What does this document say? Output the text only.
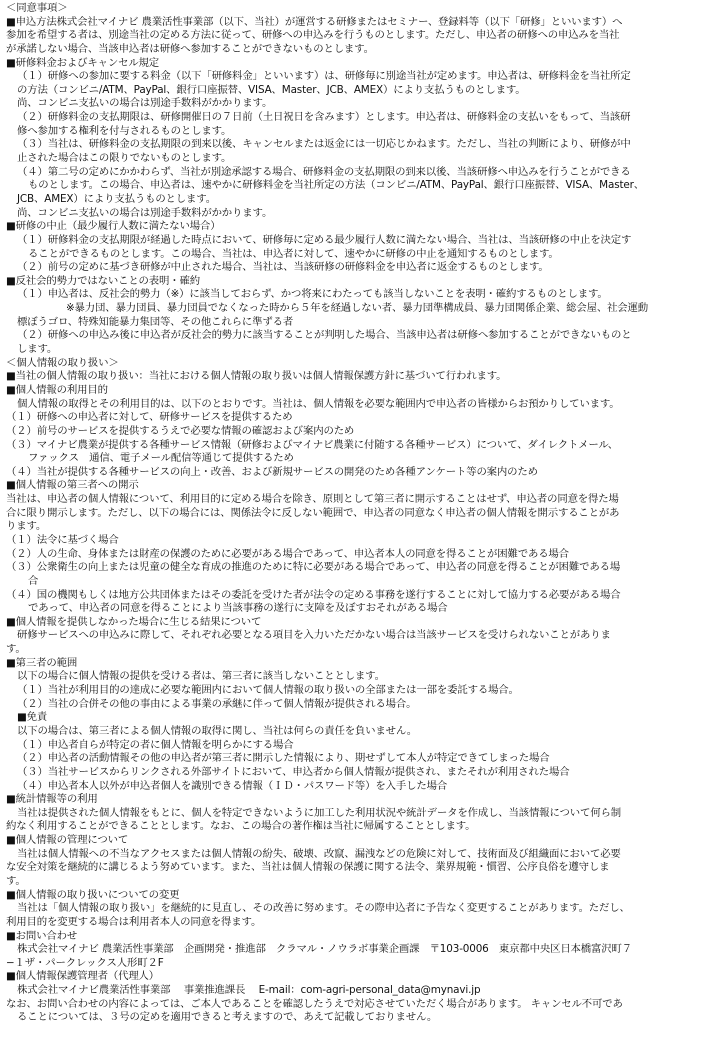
＜同意事項＞
■申込方法株式会社マイナビ 農業活性事業部（以下、当社）が運営する研修またはセミナー、登録料等（以下「研修」といいます）へ
参加を希望する者は、別途当社の定める方法に従って、研修への申込みを行うものとします。ただし、申込者の研修への申込みを当社
が承諾しない場合、当該申込者は研修へ参加することができないものとします。
■研修料金およびキャンセル規定
（１）研修への参加に要する料金（以下「研修料金」といいます）は、研修毎に別途当社が定めます。申込者は、研修料金を当社所定
の方法（コンビニ/ATM、PayPal、銀行口座振替、VISA、Master、JCB、AMEX）により支払うものとします。
尚、コンビニ支払いの場合は別途手数料がかかります。
（２）研修料金の支払期限は、研修開催日の７日前（土日祝日を含みます）とします。申込者は、研修料金の支払いをもって、当該研
修へ参加する権利を付与されるものとします。
（３）当社は、研修料金の支払期限の到来以後、キャンセルまたは返金には一切応じかねます。ただし、当社の判断により、研修が中
止された場合はこの限りでないものとします。
（４）第二号の定めにかかわらず、当社が別途承認する場合、研修料金の支払期限の到来以後、当該研修へ申込みを行うことができる
ものとします。この場合、申込者は、速やかに研修料金を当社所定の方法（コンビニ/ATM、PayPal、銀行口座振替、VISA、Master、
JCB、AMEX）により支払うものとします。
尚、コンビニ支払いの場合は別途手数料がかかります。
■研修の中止（最少履行人数に満たない場合）
（１）研修料金の支払期限が経過した時点において、研修毎に定める最少履行人数に満たない場合、当社は、当該研修の中止を決定す
ることができるものとします。この場合、当社は、申込者に対して、速やかに研修の中止を通知するものとします。
（２）前号の定めに基づき研修が中止された場合、当社は、当該研修の研修料金を申込者に返金するものとします。
■反社会的勢力ではないことの表明・確約
（１）申込者は、反社会的勢力（※）に該当しておらず、かつ将来にわたっても該当しないことを表明・確約するものとします。
※暴力団、暴力団員、暴力団員でなくなった時から５年を経過しない者、暴力団準構成員、暴力団関係企業、総会屋、社会運動
標ぼうゴロ、特殊知能暴力集団等、その他これらに準ずる者
（２）研修への申込み後に申込者が反社会的勢力に該当することが判明した場合、当該申込者は研修へ参加することができないものと
します。
＜個人情報の取り扱い＞
■当社の個人情報の取り扱い：当社における個人情報の取り扱いは個人情報保護方針に基づいて行われます。
■個人情報の利用目的
個人情報の取得とその利用目的は、以下のとおりです。当社は、個人情報を必要な範囲内で申込者の皆様からお預かりしています。
（１）研修への申込者に対して、研修サービスを提供するため
（２）前号のサービスを提供するうえで必要な情報の確認および案内のため
（３）マイナビ農業が提供する各種サービス情報（研修およびマイナビ農業に付随する各種サービス）について、ダイレクトメール、
ファックス　通信、電子メール配信等通じて提供するため
（４）当社が提供する各種サービスの向上・改善、および新規サービスの開発のため各種アンケート等の案内のため
■個人情報の第三者への開示
当社は、申込者の個人情報について、利用目的に定める場合を除き、原則として第三者に開示することはせず、申込者の同意を得た場
合に限り開示します。ただし、以下の場合には、関係法令に反しない範囲で、申込者の同意なく申込者の個人情報を開示することがあ
ります。
（１）法令に基づく場合
（２）人の生命、身体または財産の保護のために必要がある場合であって、申込者本人の同意を得ることが困難である場合
（３）公衆衛生の向上または児童の健全な育成の推進のために特に必要がある場合であって、申込者の同意を得ることが困難である場
合
（４）国の機関もしくは地方公共団体またはその委託を受けた者が法令の定める事務を遂行することに対して協力する必要がある場合
であって、申込者の同意を得ることにより当該事務の遂行に支障を及ぼすおそれがある場合
■個人情報を提供しなかった場合に生じる結果について
研修サービスへの申込みに際して、それぞれ必要となる項目を入力いただかない場合は当該サービスを受けられないことがありま
す。
■第三者の範囲
以下の場合に個人情報の提供を受ける者は、第三者に該当しないこととします。
（１）当社が利用目的の達成に必要な範囲内において個人情報の取り扱いの全部または一部を委託する場合。
（２）当社の合併その他の事由による事業の承継に伴って個人情報が提供される場合。
■免責
以下の場合は、第三者による個人情報の取得に関し、当社は何らの責任を負いません。
（１）申込者自らが特定の者に個人情報を明らかにする場合
（２）申込者の活動情報その他の申込者が第三者に開示した情報により、期せずして本人が特定できてしまった場合
（３）当社サービスからリンクされる外部サイトにおいて、申込者から個人情報が提供され、またそれが利用された場合
（４）申込者本人以外が申込者個人を識別できる情報（ＩＤ・パスワード等）を入手した場合
■統計情報等の利用
当社は提供された個人情報をもとに、個人を特定できないように加工した利用状況や統計データを作成し、当該情報について何ら制
約なく利用することができることとします。なお、この場合の著作権は当社に帰属することとします。
■個人情報の管理について
当社は個人情報への不当なアクセスまたは個人情報の紛失、破壊、改竄、漏洩などの危険に対して、技術面及び組織面において必要
な安全対策を継続的に講じるよう努めています。また、当社は個人情報の保護に関する法令、業界規範・慣習、公序良俗を遵守しま
す。
■個人情報の取り扱いについての変更
当社は「個人情報の取り扱い」を継続的に見直し、その改善に努めます。その際申込者に予告なく変更することがあります。ただし、
利用目的を変更する場合は利用者本人の同意を得ます。
■お問い合わせ
株式会社マイナビ 農業活性事業部　企画開発・推進部　クラマル・ノウラボ事業企画課　〒103-0006　東京都中央区日本橋富沢町７
−１ザ・パークレックス人形町２F
■個人情報保護管理者（代理人）
株式会社マイナビ農業活性事業部　 事業推進課長　 E-mail：com-agri-personal_data@mynavi.jp
なお、お問い合わせの内容によっては、ご本人であることを確認したうえで対応させていただく場合があります。 キャンセル不可であ
ることについては、３号の定めを適用できると考えますので、あえて記載しておりません。
